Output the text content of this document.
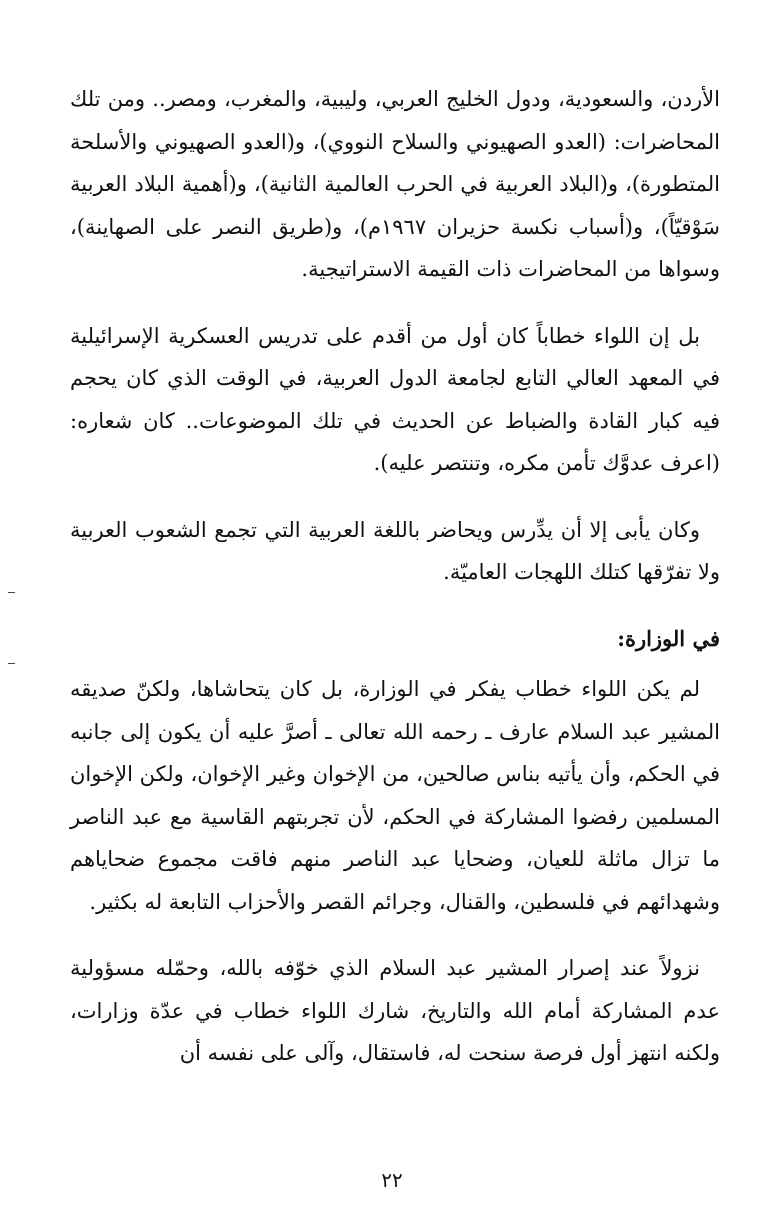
الأردن، والسعودية، ودول الخليج العربي، وليبية، والمغرب، ومصر.. ومن تلك المحاضرات: (العدو الصهيوني والسلاح النووي)، و(العدو الصهيوني والأسلحة المتطورة)، و(البلاد العربية في الحرب العالمية الثانية)، و(أهمية البلاد العربية سَوْقيّاً)، و(أسباب نكسة حزيران ١٩٦٧م)، و(طريق النصر على الصهاينة)، وسواها من المحاضرات ذات القيمة الاستراتيجية.

بل إن اللواء خطاباً كان أول من أقدم على تدريس العسكرية الإسرائيلية في المعهد العالي التابع لجامعة الدول العربية، في الوقت الذي كان يحجم فيه كبار القادة والضباط عن الحديث في تلك الموضوعات.. كان شعاره: (اعرف عدوَّك تأمن مكره، وتنتصر عليه).

وكان يأبى إلا أن يدِّرس ويحاضر باللغة العربية التي تجمع الشعوب العربية ولا تفرّقها كتلك اللهجات العاميّة.

في الوزارة:

لم يكن اللواء خطاب يفكر في الوزارة، بل كان يتحاشاها، ولكنّ صديقه المشير عبد السلام عارف ـ رحمه الله تعالى ـ أصرَّ عليه أن يكون إلى جانبه في الحكم، وأن يأتيه بناس صالحين، من الإخوان وغير الإخوان، ولكن الإخوان المسلمين رفضوا المشاركة في الحكم، لأن تجربتهم القاسية مع عبد الناصر ما تزال ماثلة للعيان، وضحايا عبد الناصر منهم فاقت مجموع ضحاياهم وشهدائهم في فلسطين، والقنال، وجرائم القصر والأحزاب التابعة له بكثير.

نزولاً عند إصرار المشير عبد السلام الذي خوّفه بالله، وحمّله مسؤولية عدم المشاركة أمام الله والتاريخ، شارك اللواء خطاب في عدّة وزارات، ولكنه انتهز أول فرصة سنحت له، فاستقال، وآلى على نفسه أن

٢٢
